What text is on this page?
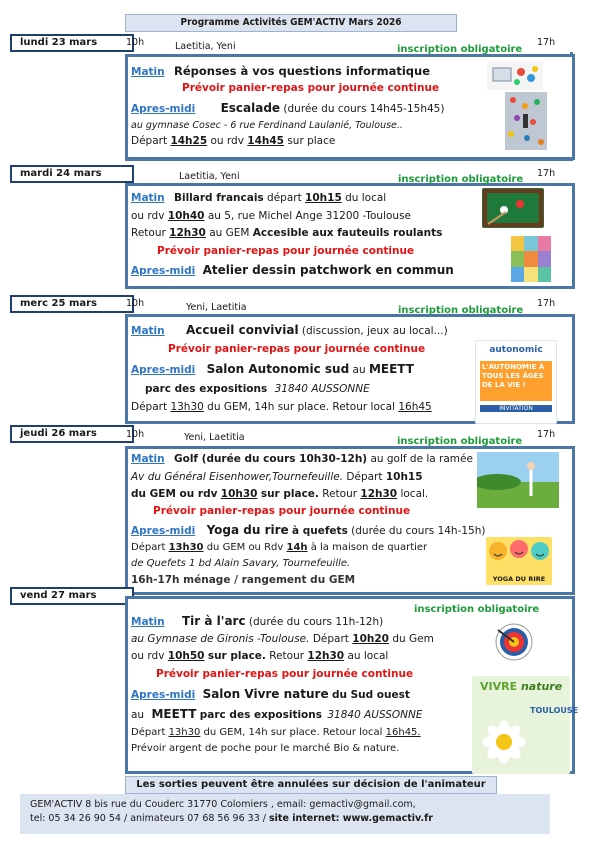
Programme Activités GEM'ACTIV Mars 2026
lundi 23 mars	10h	Laetitia, Yeni	17h
inscription obligatoire
Matin Réponses à vos questions informatique
Prévoir panier-repas pour journée continue
Apres-midi Escalade (durée du cours 14h45-15h45)
au gymnase Cosec - 6 rue Ferdinand Laulanié, Toulouse..
Départ 14h25 ou rdv 14h45 sur place
mardi 24 mars	Laetitia, Yeni	17h
inscription obligatoire
Matin Billard francais départ 10h15 du local
ou rdv 10h40 au 5, rue Michel Ange 31200 -Toulouse
Retour 12h30 au GEM Accesible aux fauteuils roulants
Prévoir panier-repas pour journée continue
Apres-midi Atelier dessin patchwork en commun
merc 25 mars	10h	Yeni, Laetitia	17h
inscription obligatoire
Matin Accueil convivial (discussion, jeux au local...)
Prévoir panier-repas pour journée continue
Apres-midi Salon Autonomic sud au MEETT
parc des expositions 31840 AUSSONNE
Départ 13h30 du GEM, 14h sur place. Retour local 16h45
autonomic
L'AUTONOMIE À TOUS LES ÂGES DE LA VIE !
INVITATION
jeudi 26 mars	10h	Yeni, Laetitia	17h
inscription obligatoire
Matin Golf (durée du cours 10h30-12h) au golf de la ramée
Av du Général Eisenhower,Tournefeuille. Départ 10h15
du GEM ou rdv 10h30 sur place. Retour 12h30 local.
Prévoir panier-repas pour journée continue
Apres-midi Yoga du rire à quefets (durée du cours 14h-15h)
Départ 13h30 du GEM ou Rdv 14h à la maison de quartier
de Quefets 1 bd Alain Savary, Tournefeuille.
16h-17h ménage / rangement du GEM	YOGA DU RIRE
vend 27 mars
inscription obligatoire
Matin Tir à l'arc (durée du cours 11h-12h)
au Gymnase de Gironis -Toulouse. Départ 10h20 du Gem
ou rdv 10h50 sur place. Retour 12h30 au local
Prévoir panier-repas pour journée continue
Apres-midi Salon Vivre nature du Sud ouest
au MEETT parc des expositions 31840 AUSSONNE
Départ 13h30 du GEM, 14h sur place. Retour local 16h45.
Prévoir argent de poche pour le marché Bio & nature.
VIVRE nature
TOULOUSE
Les sorties peuvent être annulées sur décision de l'animateur
GEM'ACTIV 8 bis rue du Couderc 31770 Colomiers , email: gemactiv@gmail.com,
tel: 05 34 26 90 54 / animateurs 07 68 56 96 33 / site internet: www.gemactiv.fr
